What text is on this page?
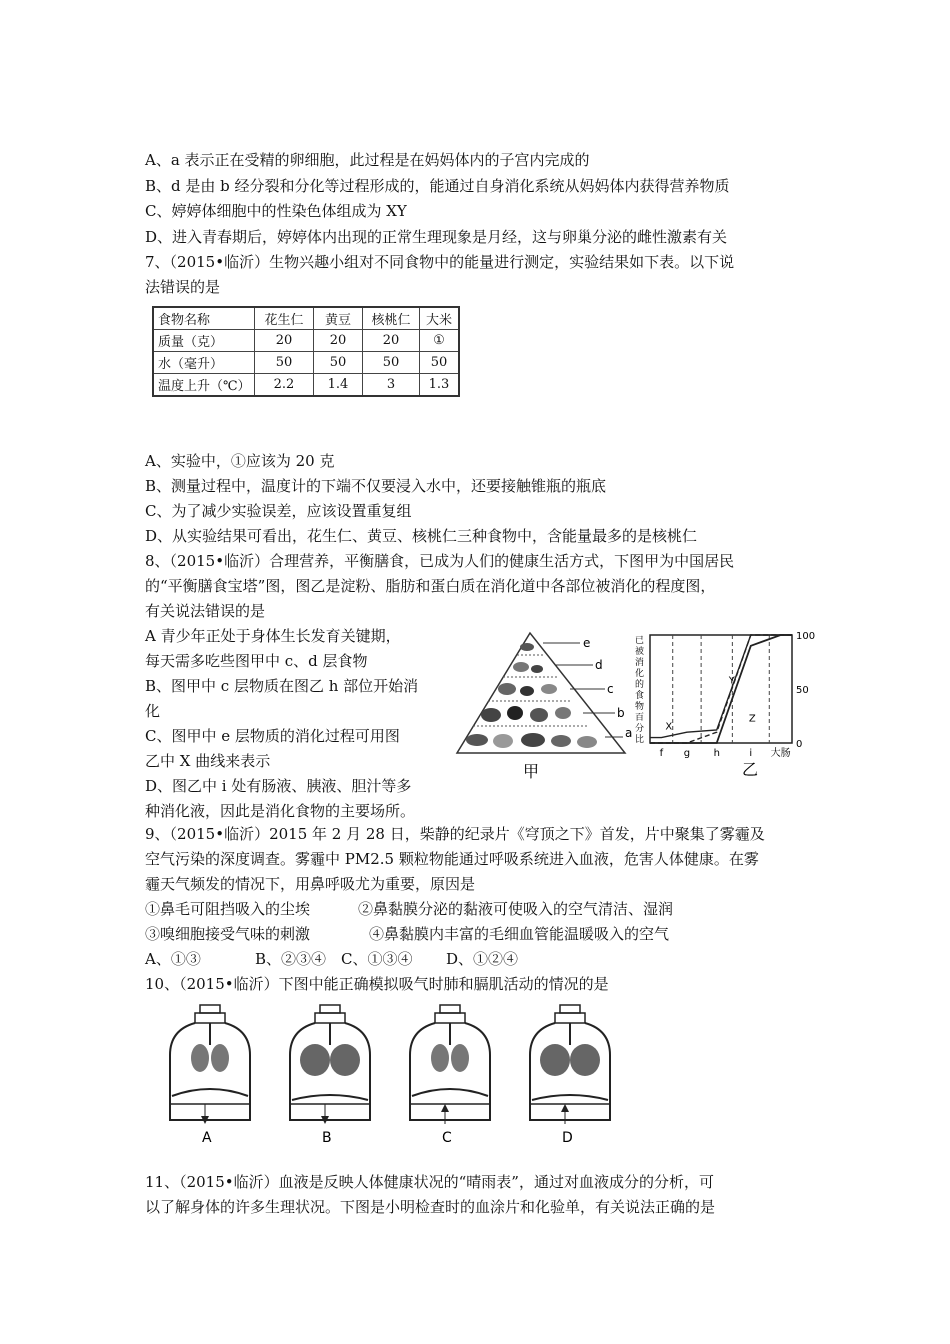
A、a 表示正在受精的卵细胞，此过程是在妈妈体内的子宫内完成的
B、d 是由 b 经分裂和分化等过程形成的，能通过自身消化系统从妈妈体内获得营养物质
C、婷婷体细胞中的性染色体组成为 XY
D、进入青春期后，婷婷体内出现的正常生理现象是月经，这与卵巢分泌的雌性激素有关
7、（2015•临沂）生物兴趣小组对不同食物中的能量进行测定，实验结果如下表。以下说
法错误的是
食物名称	花生仁	黄豆	核桃仁	大米
质量（克）	20	20	20	①
水（毫升）	50	50	50	50
温度上升（℃）	2.2	1.4	3	1.3
A、实验中，①应该为 20 克
B、测量过程中，温度计的下端不仅要浸入水中，还要接触锥瓶的瓶底
C、为了减少实验误差，应该设置重复组
D、从实验结果可看出，花生仁、黄豆、核桃仁三种食物中，含能量最多的是核桃仁
8、（2015•临沂）合理营养，平衡膳食，已成为人们的健康生活方式，下图甲为中国居民
的“平衡膳食宝塔”图，图乙是淀粉、脂肪和蛋白质在消化道中各部位被消化的程度图，
有关说法错误的是
A 青少年正处于身体生长发育关键期，
每天需多吃些图甲中 c、d 层食物
B、图甲中 c 层物质在图乙 h 部位开始消
化
C、图甲中 e 层物质的消化过程可用图
乙中 X 曲线来表示
D、图乙中 i 处有肠液、胰液、胆汁等多
种消化液，因此是消化食物的主要场所。
e
d
c
b
a
甲
已
被
消
化
的
食
物
百
分
比
f g h	i 大肠
0
50
100
X
Y
Z
乙
9、（2015•临沂）2015 年 2 月 28 日，柴静的纪录片《穹顶之下》首发，片中聚集了雾霾及
空气污染的深度调查。雾霾中 PM2.5 颗粒物能通过呼吸系统进入血液，危害人体健康。在雾
霾天气频发的情况下，用鼻呼吸尤为重要，原因是
①鼻毛可阻挡吸入的尘埃	②鼻黏膜分泌的黏液可使吸入的空气清洁、湿润
③嗅细胞接受气味的刺激	④鼻黏膜内丰富的毛细血管能温暖吸入的空气
A、①③	B、②③④ C、①③④ D、①②④
10、（2015•临沂）下图中能正确模拟吸气时肺和膈肌活动的情况的是
A	B	C	D
11、（2015•临沂）血液是反映人体健康状况的“晴雨表”，通过对血液成分的分析，可
以了解身体的许多生理状况。下图是小明检查时的血涂片和化验单，有关说法正确的是
